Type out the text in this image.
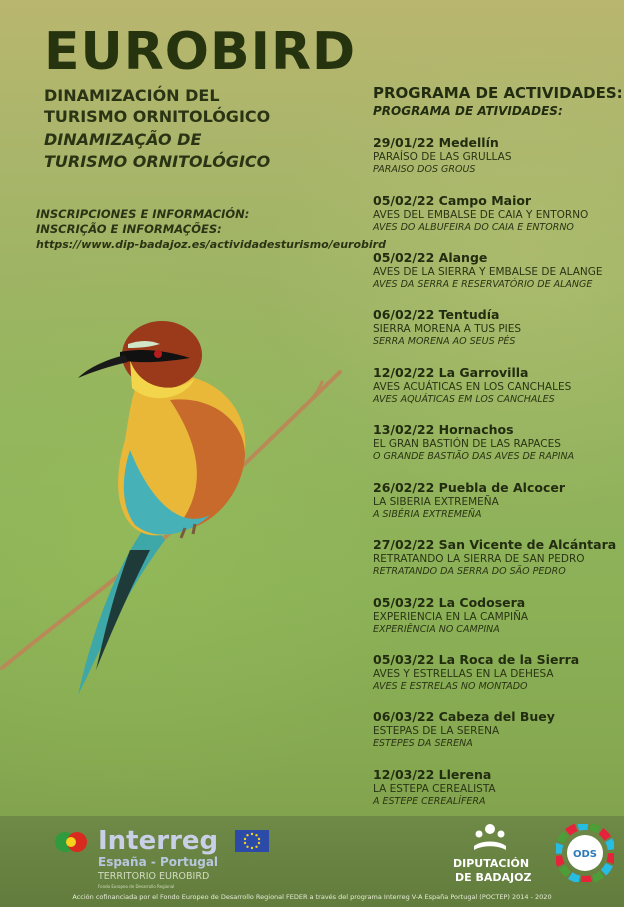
EUROBIRD
DINAMIZACIÓN DEL
TURISMO ORNITOLÓGICO
DINAMIZAÇÃO DE
TURISMO ORNITOLÓGICO
INSCRIPCIONES E INFORMACIÓN:
INSCRIÇÃO E INFORMAÇÕES:
https://www.dip-badajoz.es/actividadesturismo/eurobird
PROGRAMA DE ACTIVIDADES:
PROGRAMA DE ATIVIDADES:
29/01/22 Medellín
PARAÍSO DE LAS GRULLAS
PARAISO DOS GROUS
05/02/22 Campo Maior
AVES DEL EMBALSE DE CAIA Y ENTORNO
AVES DO ALBUFEIRA DO CAIA E ENTORNO
05/02/22 Alange
AVES DE LA SIERRA Y EMBALSE DE ALANGE
AVES DA SERRA E RESERVATÓRIO DE ALANGE
06/02/22 Tentudía
SIERRA MORENA A TUS PIES
SERRA MORENA AO SEUS PÉS
12/02/22 La Garrovilla
AVES ACUÁTICAS EN LOS CANCHALES
AVES AQUÁTICAS EM LOS CANCHALES
13/02/22 Hornachos
EL GRAN BASTIÓN DE LAS RAPACES
O GRANDE BASTIÃO DAS AVES DE RAPINA
26/02/22 Puebla de Alcocer
LA SIBERIA EXTREMEÑA
A SIBÉRIA EXTREMEÑA
27/02/22 San Vicente de Alcántara
RETRATANDO LA SIERRA DE SAN PEDRO
RETRATANDO DA SERRA DO SÃO PEDRO
05/03/22 La Codosera
EXPERIENCIA EN LA CAMPIÑA
EXPERIÊNCIA NO CAMPINA
05/03/22 La Roca de la Sierra
AVES Y ESTRELLAS EN LA DEHESA
AVES E ESTRELAS NO MONTADO
06/03/22 Cabeza del Buey
ESTEPAS DE LA SERENA
ESTEPES DA SERENA
12/03/22 Llerena
LA ESTEPA CEREALISTA
A ESTEPE CEREALÍFERA
Interreg
España - Portugal
TERRITORIO EUROBIRD
Fondo Europeo de Desarrollo Regional
DIPUTACIÓN
DE BADAJOZ
ODS
Acción cofinanciada por el Fondo Europeo de Desarrollo Regional FEDER a través del programa Interreg V-A España Portugal (POCTEP) 2014 - 2020
